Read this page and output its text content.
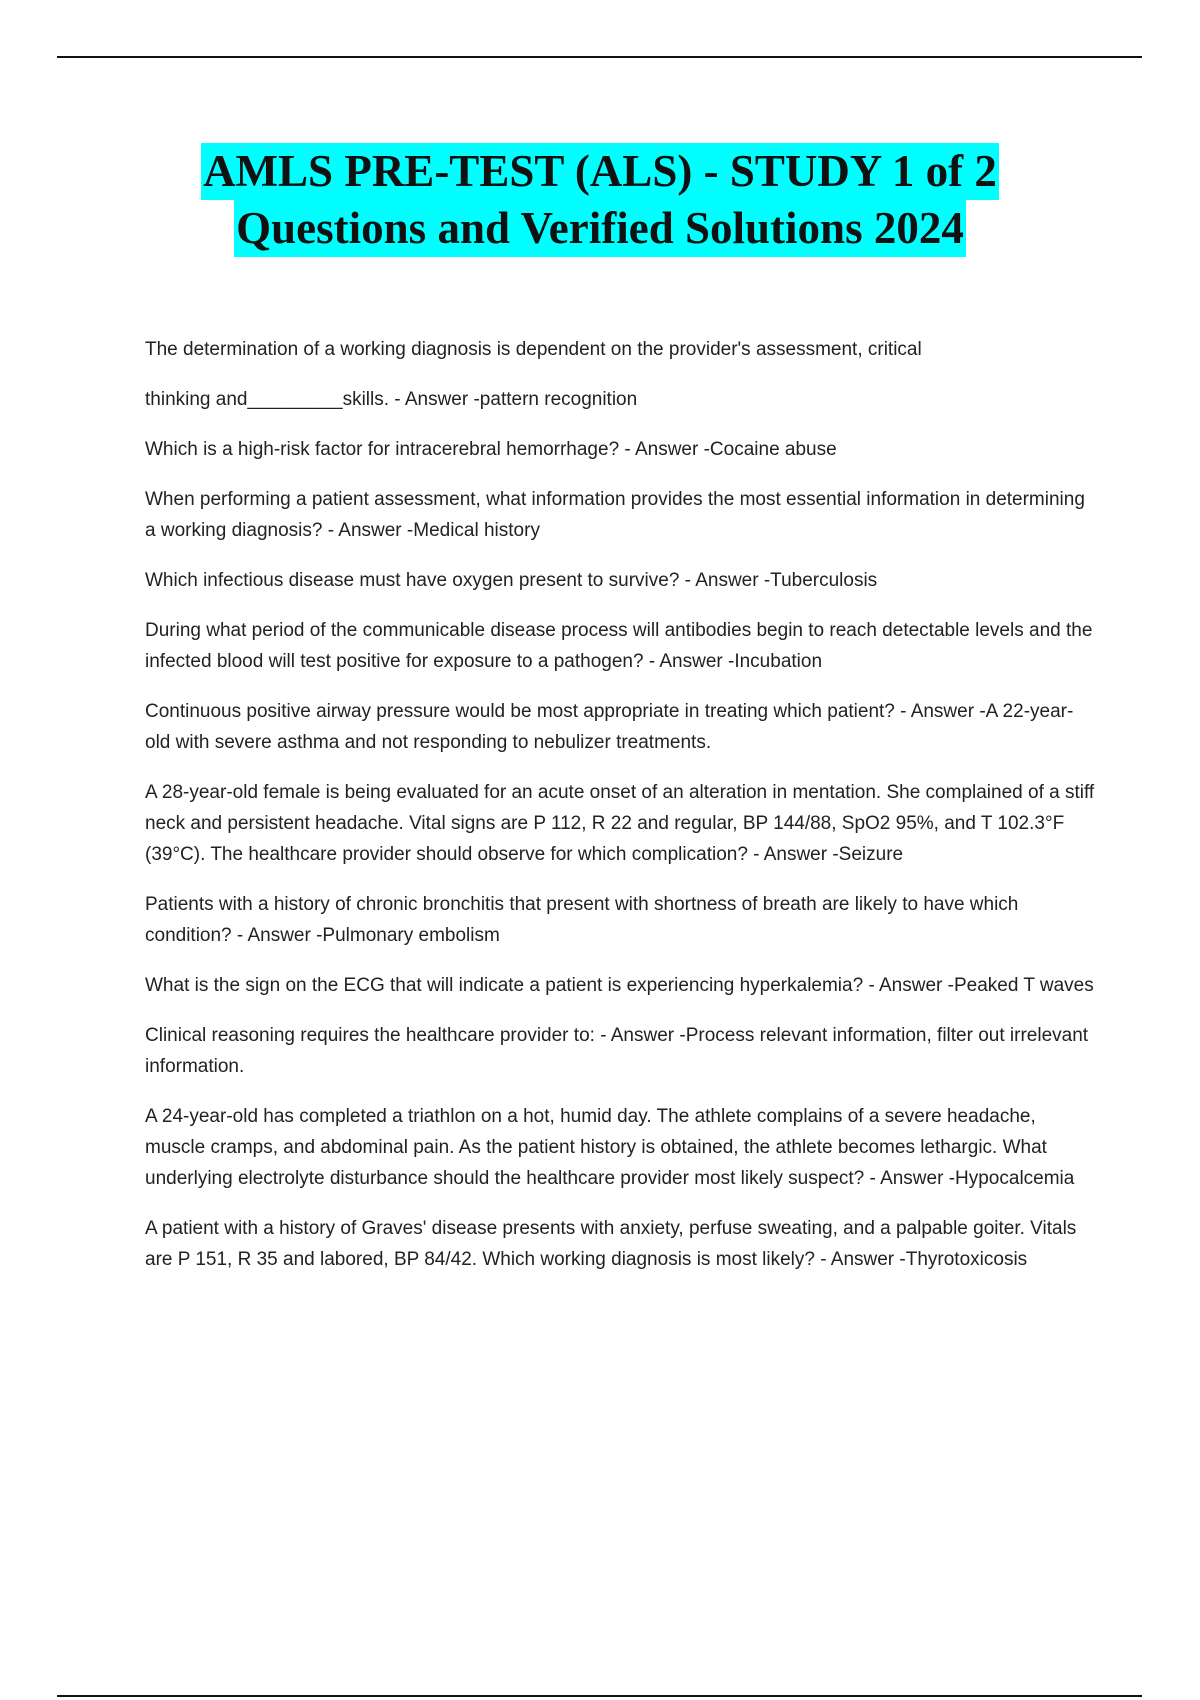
AMLS PRE-TEST (ALS) - STUDY 1 of 2
Questions and Verified Solutions 2024
The determination of a working diagnosis is dependent on the provider's assessment, critical
thinking and_________skills. - Answer -pattern recognition

Which is a high-risk factor for intracerebral hemorrhage? - Answer -Cocaine abuse

When performing a patient assessment, what information provides the most essential information in determining a working diagnosis? - Answer -Medical history

Which infectious disease must have oxygen present to survive? - Answer -Tuberculosis

During what period of the communicable disease process will antibodies begin to reach detectable levels and the infected blood will test positive for exposure to a pathogen? - Answer -Incubation

Continuous positive airway pressure would be most appropriate in treating which patient? - Answer -A 22-year-old with severe asthma and not responding to nebulizer treatments.

A 28-year-old female is being evaluated for an acute onset of an alteration in mentation. She complained of a stiff neck and persistent headache. Vital signs are P 112, R 22 and regular, BP 144/88, SpO2 95%, and T 102.3°F (39°C). The healthcare provider should observe for which complication? - Answer -Seizure

Patients with a history of chronic bronchitis that present with shortness of breath are likely to have which condition? - Answer -Pulmonary embolism

What is the sign on the ECG that will indicate a patient is experiencing hyperkalemia? - Answer -Peaked T waves

Clinical reasoning requires the healthcare provider to: - Answer -Process relevant information, filter out irrelevant information.

A 24-year-old has completed a triathlon on a hot, humid day. The athlete complains of a severe headache, muscle cramps, and abdominal pain. As the patient history is obtained, the athlete becomes lethargic. What underlying electrolyte disturbance should the healthcare provider most likely suspect? - Answer -Hypocalcemia

A patient with a history of Graves' disease presents with anxiety, perfuse sweating, and a palpable goiter. Vitals are P 151, R 35 and labored, BP 84/42. Which working diagnosis is most likely? - Answer -Thyrotoxicosis
